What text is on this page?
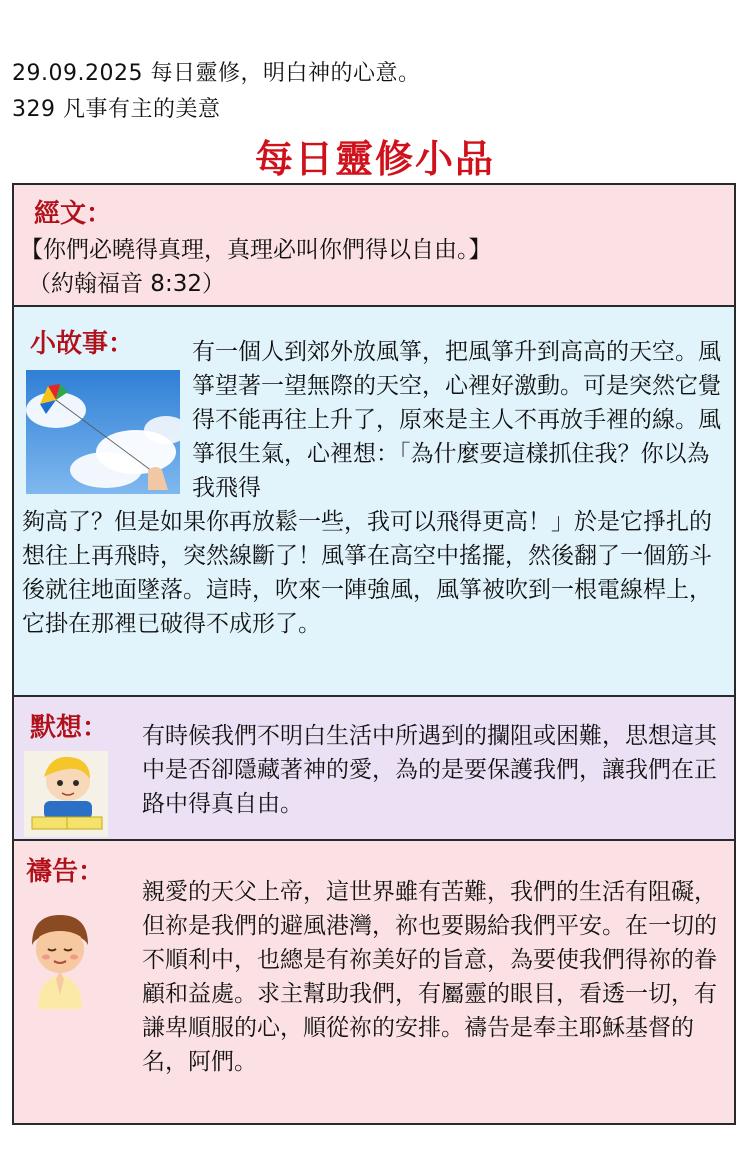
29.09.2025 每日靈修，明白神的心意。
329 凡事有主的美意
每日靈修小品
經文：
【你們必曉得真理，真理必叫你們得以自由。】
（約翰福音 8:32）
小故事：	有一個人到郊外放風箏，把風箏升到高高的天空。風箏望著一望無際的天空，心裡好激動。可是突然它覺得不能再往上升了，原來是主人不再放手裡的線。風箏很生氣，心裡想：「為什麼要這樣抓住我？你以為我飛得
夠高了？但是如果你再放鬆一些，我可以飛得更高！」於是它掙扎的想往上再飛時，突然線斷了！風箏在高空中搖擺，然後翻了一個筋斗後就往地面墜落。這時，吹來一陣強風，風箏被吹到一根電線桿上，它掛在那裡已破得不成形了。
默想： 有時候我們不明白生活中所遇到的攔阻或困難，思想這其中是否卻隱藏著神的愛，為的是要保護我們，讓我們在正路中得真自由。
禱告：
親愛的天父上帝，這世界雖有苦難，我們的生活有阻礙，但祢是我們的避風港灣，祢也要賜給我們平安。在一切的不順利中，也總是有祢美好的旨意，為要使我們得祢的眷顧和益處。求主幫助我們，有屬靈的眼目，看透一切，有謙卑順服的心，順從祢的安排。禱告是奉主耶穌基督的名，阿們。
